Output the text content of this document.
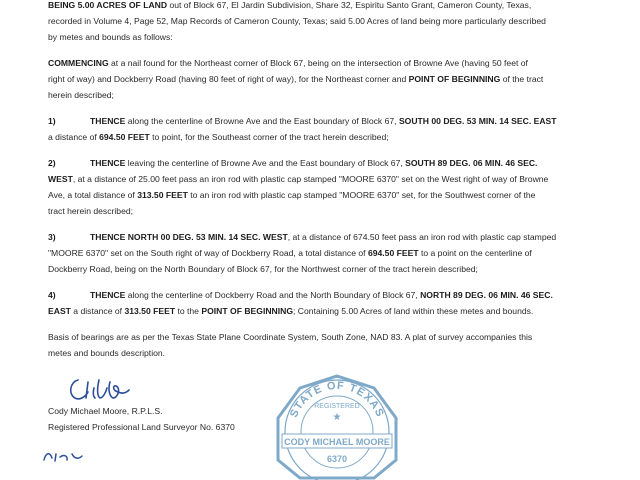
BEING 5.00 ACRES OF LAND out of Block 67, El Jardin Subdivision, Share 32, Espiritu Santo Grant, Cameron County, Texas,

recorded in Volume 4, Page 52, Map Records of Cameron County, Texas; said 5.00 Acres of land being more particularly described

by metes and bounds as follows:

COMMENCING at a nail found for the Northeast corner of Block 67, being on the intersection of Browne Ave (having 50 feet of

right of way) and Dockberry Road (having 80 feet of right of way), for the Northeast corner and POINT OF BEGINNING of the tract

herein described;

1)	THENCE along the centerline of Browne Ave and the East boundary of Block 67, SOUTH 00 DEG. 53 MIN. 14 SEC. EAST

a distance of 694.50 FEET to point, for the Southeast corner of the tract herein described;

2)	THENCE leaving the centerline of Browne Ave and the East boundary of Block 67, SOUTH 89 DEG. 06 MIN. 46 SEC.

WEST, at a distance of 25.00 feet pass an iron rod with plastic cap stamped "MOORE 6370" set on the West right of way of Browne

Ave, a total distance of 313.50 FEET to an iron rod with plastic cap stamped "MOORE 6370" set, for the Southwest corner of the

tract herein described;

3)	THENCE NORTH 00 DEG. 53 MIN. 14 SEC. WEST, at a distance of 674.50 feet pass an iron rod with plastic cap stamped

"MOORE 6370" set on the South right of way of Dockberry Road, a total distance of 694.50 FEET to a point on the centerline of

Dockberry Road, being on the North Boundary of Block 67, for the Northwest corner of the tract herein described;

4)	THENCE along the centerline of Dockberry Road and the North Boundary of Block 67, NORTH 89 DEG. 06 MIN. 46 SEC.

EAST a distance of 313.50 FEET to the POINT OF BEGINNING; Containing 5.00 Acres of land within these metes and bounds.

Basis of bearings are as per the Texas State Plane Coordinate System, South Zone, NAD 83. A plat of survey accompanies this

metes and bounds description.

Cody Michael Moore, R.P.L.S.

Registered Professional Land Surveyor No. 6370

STATE OF TEXAS
REGISTERED
★
CODY MICHAEL MOORE
6370
